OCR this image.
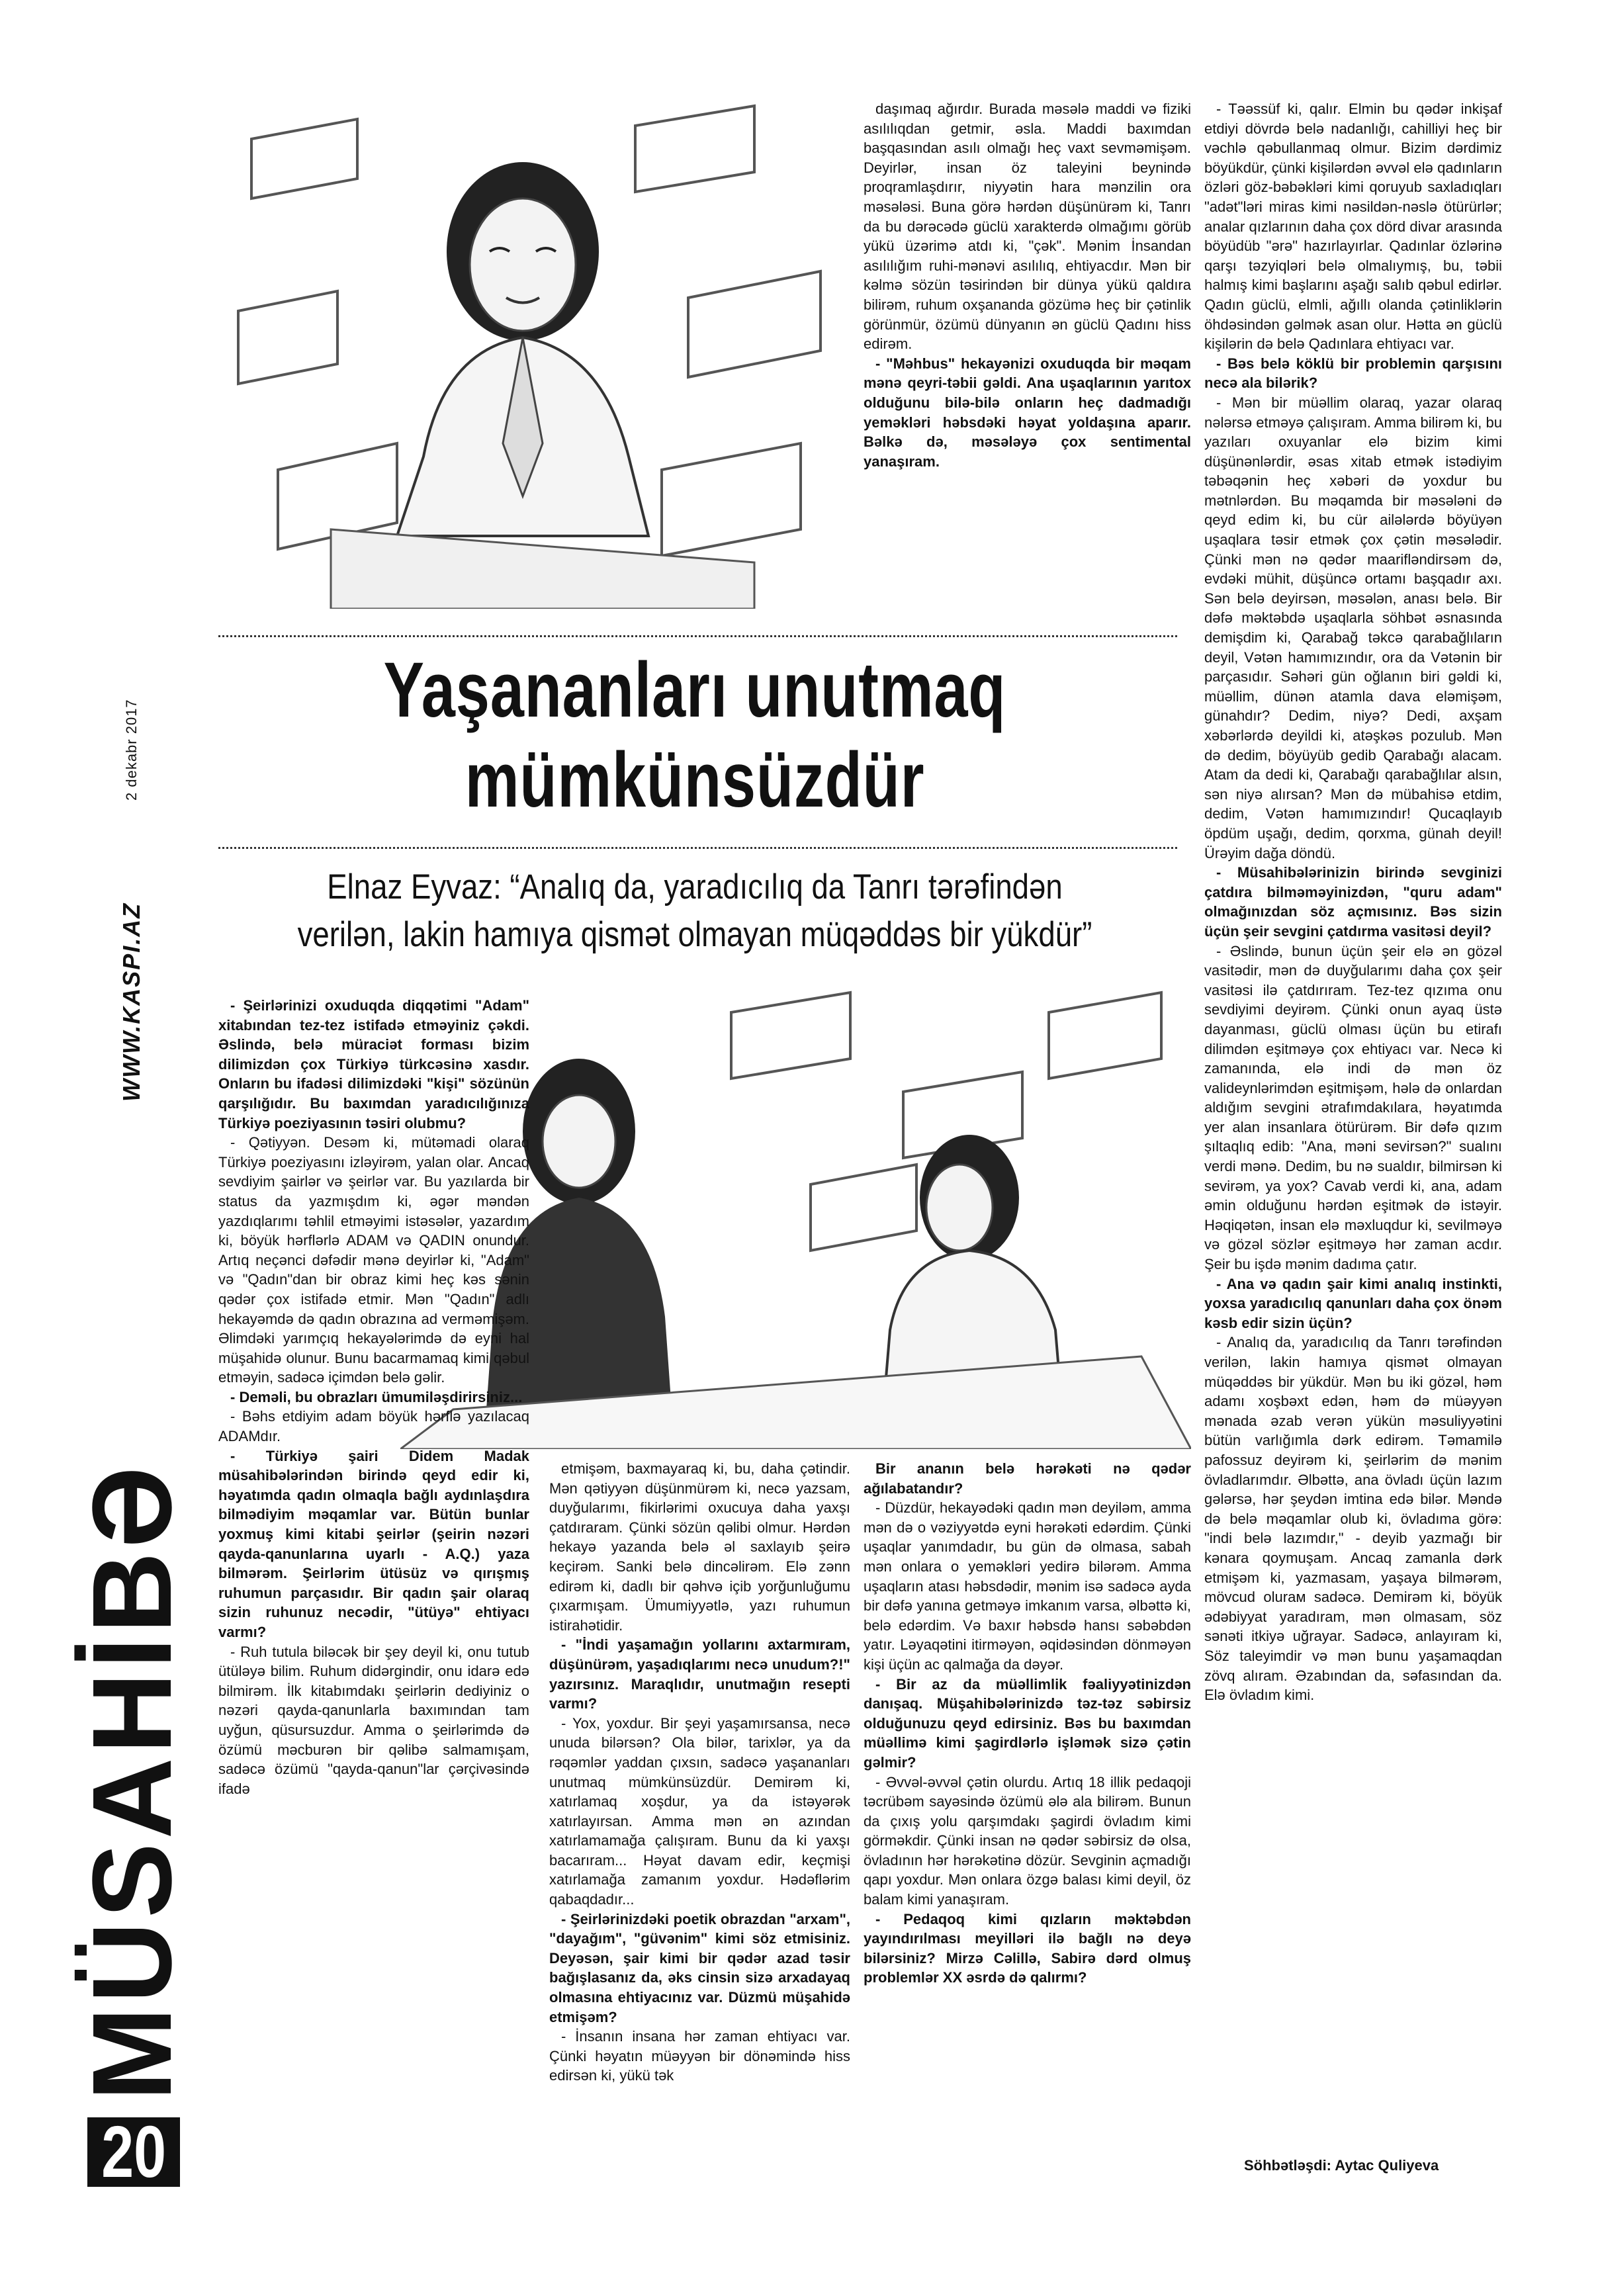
2 dekabr 2017
WWW.KASPI.AZ
MÜSAHİBƏ
20

daşımaq ağırdır. Burada məsələ maddi və fiziki asılılıqdan getmir, əsla. Maddi baxımdan başqasından asılı olmağı heç vaxt sevməmişəm. Deyirlər, insan öz taleyini beynində proqramlaşdırır, niyyətin hara mənzilin ora məsələsi. Buna görə hərdən düşünürəm ki, Tanrı da bu dərəcədə güclü xarakterdə olmağımı görüb yükü üzərimə atdı ki, "çək". Mənim İnsandan asılılığım ruhi-mənəvi asılılıq, ehtiyacdır. Mən bir kəlmə sözün təsirindən bir dünya yükü qaldıra bilirəm, ruhum oxşananda gözümə heç bir çətinlik görünmür, özümü dünyanın ən güclü Qadını hiss edirəm.

- "Məhbus" hekayənizi oxuduqda bir məqam mənə qeyri-təbii gəldi. Ana uşaqlarının yarıtox olduğunu bilə-bilə onların heç dadmadığı yeməkləri həbsdəki həyat yoldaşına aparır. Bəlkə də, məsələyə çox sentimental yanaşıram.

- Təəssüf ki, qalır. Elmin bu qədər inkişaf etdiyi dövrdə belə nadanlığı, cahilliyi heç bir vəchlə qəbullanmaq olmur. Bizim dərdimiz böyükdür, çünki kişilərdən əvvəl elə qadınların özləri göz-bəbəkləri kimi qoruyub saxladıqları "adət"ləri miras kimi nəsildən-nəslə ötürürlər; analar qızlarının daha çox dörd divar arasında böyüdüb "ərə" hazırlayırlar. Qadınlar özlərinə qarşı təzyiqləri belə olmalıymış, bu, təbii halmış kimi başlarını aşağı salıb qəbul edirlər. Qadın güclü, elmli, ağıllı olanda çətinliklərin öhdəsindən gəlmək asan olur. Hətta ən güclü kişilərin də belə Qadınlara ehtiyacı var.

- Bəs belə köklü bir problemin qarşısını necə ala bilərik?

- Mən bir müəllim olaraq, yazar olaraq nələrsə etməyə çalışıram. Amma bilirəm ki, bu yazıları oxuyanlar elə bizim kimi düşünənlərdir, əsas xitab etmək istədiyim təbəqənin heç xəbəri də yoxdur bu mətnlərdən. Bu məqamda bir məsələni də qeyd edim ki, bu cür ailələrdə böyüyən uşaqlara təsir etmək çox çətin məsələdir. Çünki mən nə qədər maarifləndirsəm də, evdəki mühit, düşüncə ortamı başqadır axı. Sən belə deyirsən, məsələn, anası belə. Bir dəfə məktəbdə uşaqlarla söhbət əsnasında demişdim ki, Qarabağ təkcə qarabağlıların deyil, Vətən hamımızındır, ora da Vətənin bir parçasıdır. Səhəri gün oğlanın biri gəldi ki, müəllim, dünən atamla dava eləmişəm, günahdır? Dedim, niyə? Dedi, axşam xəbərlərdə deyildi ki, atəşkəs pozulub. Mən də dedim, böyüyüb gedib Qarabağı alacam. Atam da dedi ki, Qarabağı qarabağlılar alsın, sən niyə alırsan? Mən də mübahisə etdim, dedim, Vətən hamımızındır! Qucaqlayıb öpdüm uşağı, dedim, qorxma, günah deyil! Ürəyim dağa döndü.

- Müsahibələrinizin birində sevginizi çatdıra bilməməyinizdən, "quru adam" olmağınızdan söz açmısınız. Bəs sizin üçün şeir sevgini çatdırma vasitəsi deyil?

- Əslində, bunun üçün şeir elə ən gözəl vasitədir, mən də duyğularımı daha çox şeir vasitəsi ilə çatdırıram. Tez-tez qızıma onu sevdiyimi deyirəm. Çünki onun ayaq üstə dayanması, güclü olması üçün bu etirafı dilimdən eşitməyə çox ehtiyacı var. Necə ki zamanında, elə indi də mən öz valideynlərimdən eşitmişəm, hələ də onlardan aldığım sevgini ətrafımdakılara, həyatımda yer alan insanlara ötürürəm. Bir dəfə qızım şıltaqlıq edib: "Ana, məni sevirsən?" sualını verdi mənə. Dedim, bu nə sualdır, bilmirsən ki sevirəm, ya yox? Cavab verdi ki, ana, adam əmin olduğunu hərdən eşitmək də istəyir. Həqiqətən, insan elə məxluqdur ki, sevilməyə və gözəl sözlər eşitməyə hər zaman acdır. Şeir bu işdə mənim dadıma çatır.

- Ana və qadın şair kimi analıq instinkti, yoxsa yaradıcılıq qanunları daha çox önəm kəsb edir sizin üçün?

- Analıq da, yaradıcılıq da Tanrı tərəfindən verilən, lakin hamıya qismət olmayan müqəddəs bir yükdür. Mən bu iki gözəl, həm adamı xoşbəxt edən, həm də müəyyən mənada əzab verən yükün məsuliyyətini bütün varlığımla dərk edirəm. Təmamilə pafossuz deyirəm ki, şeirlərim də mənim övladlarımdır. Əlbəttə, ana övladı üçün lazım gələrsə, hər şeydən imtina edə bilər. Məndə də belə məqamlar olub ki, övladıma görə: "indi belə lazımdır," - deyib yazmağı bir kənara qoymuşam. Ancaq zamanla dərk etmişəm ki, yazmasam, yaşaya bilmərəm, mövcud olurам sadəcə. Demirəm ki, böyük ədəbiyyat yaradıram, mən olmasam, söz sənəti itkiyə uğrayar. Sadəcə, anlayıram ki, Söz taleyimdir və mən bunu yaşamaqdan zövq alıram. Əzabından da, səfasından da. Elə övladım kimi.

Yaşananları unutmaq mümkünsüzdür

Elnaz Eyvaz: “Analıq da, yaradıcılıq da Tanrı tərəfindən verilən, lakin hamıya qismət olmayan müqəddəs bir yükdür”

- Şeirlərinizi oxuduqda diqqətimi "Adam" xitabından tez-tez istifadə etməyiniz çəkdi. Əslində, belə müraciət forması bizim dilimizdən çox Türkiyə türkcəsinə xasdır. Onların bu ifadəsi dilimizdəki "kişi" sözünün qarşılığıdır. Bu baxımdan yaradıcılığınıza Türkiyə poeziyasının təsiri olubmu?

- Qətiyyən. Desəm ki, mütəmadi olaraq Türkiyə poeziyasını izləyirəm, yalan olar. Ancaq sevdiyim şairlər və şeirlər var. Bu yazılarda bir status da yazmışdım ki, əgər məndən yazdıqlarımı təhlil etməyimi istəsələr, yazardım ki, böyük hərflərlə ADAM və QADIN onundur. Artıq neçənci dəfədir mənə deyirlər ki, "Adam" və "Qadın"dan bir obraz kimi heç kəs sənin qədər çox istifadə etmir. Mən "Qadın" adlı hekayəmdə də qadın obrazına ad verməmişəm. Əlimdəki yarımçıq hekayələrimdə də eyni hal müşahidə olunur. Bunu bacarmamaq kimi qəbul etməyin, sadəcə içimdən belə gəlir.

- Deməli, bu obrazları ümumiləşdirirsiniz...

- Bəhs etdiyim adam böyük hərflə yazılacaq ADAMdır.

- Türkiyə şairi Didem Madak müsahibələrindən birində qeyd edir ki, həyatımda qadın olmaqla bağlı aydınlaşdıra bilmədiyim məqamlar var. Bütün bunlar yoxmuş kimi kitabi şeirlər (şeirin nəzəri qayda-qanunlarına uyarlı - A.Q.) yaza bilmərəm. Şeirlərim ütüsüz və qırışmış ruhumun parçasıdır. Bir qadın şair olaraq sizin ruhunuz necədir, "ütüyə" ehtiyacı varmı?

- Ruh tutula biləcək bir şey deyil ki, onu tutub ütüləyə bilim. Ruhum didərgindir, onu idarə edə bilmirəm. İlk kitabımdakı şeirlərin dediyiniz o nəzəri qayda-qanunlarla baxımından tam uyğun, qüsursuzdur. Amma o şeirlərimdə də özümü məcburən bir qəlibə salmamışam, sadəcə özümü "qayda-qanun"lar çərçivəsində ifadə

etmişəm, baxmayaraq ki, bu, daha çətindir. Mən qətiyyən düşünmürəm ki, necə yazsam, duyğularımı, fikirlərimi oxucuya daha yaxşı çatdıraram. Çünki sözün qəlibi olmur. Hərdən hekayə yazanda belə əl saxlayıb şeirə keçirəm. Sanki belə dincəlirəm. Elə zənn edirəm ki, dadlı bir qəhvə içib yorğunluğumu çıxarmışam. Ümumiyyətlə, yazı ruhumun istirahətidir.

- "İndi yaşamağın yollarını axtarmıram, düşünürəm, yaşadıqlarımı necə unudum?!" yazırsınız. Maraqlıdır, unutmağın resepti varmı?

- Yox, yoxdur. Bir şeyi yaşamırsansa, necə unuda bilərsən? Ola bilər, tarixlər, ya da rəqəmlər yaddan çıxsın, sadəcə yaşananları unutmaq mümkünsüzdür. Demirəm ki, xatırlamaq xoşdur, ya da istəyərək xatırlayırsan. Amma mən ən azından xatırlamamağa çalışıram. Bunu da ki yaxşı bacarıram... Həyat davam edir, keçmişi xatırlamağa zamanım yoxdur. Hədəflərim qabaqdadır...

- Şeirlərinizdəki poetik obrazdan "arxam", "dayağım", "güvənim" kimi söz etmisiniz. Deyəsən, şair kimi bir qədər azad təsir bağışlasanız da, əks cinsin sizə arxadayaq olmasına ehtiyacınız var. Düzmü müşahidə etmişəm?

- İnsanın insana hər zaman ehtiyacı var. Çünki həyatın müəyyən bir dönəmində hiss edirsən ki, yükü tək

Bir ananın belə hərəkəti nə qədər ağılabatandır?

- Düzdür, hekayədəki qadın mən deyiləm, amma mən də o vəziyyətdə eyni hərəkəti edərdim. Çünki uşaqlar yanımdadır, bu gün də olmasa, sabah mən onlara o yeməkləri yedirə bilərəm. Amma uşaqların atası həbsdədir, mənim isə sadəcə ayda bir dəfə yanına getməyə imkanım varsa, əlbəttə ki, belə edərdim. Və baxır həbsdə hansı səbəbdən yatır. Ləyaqətini itirməyən, əqidəsindən dönməyən kişi üçün ac qalmağa da dəyər.

- Bir az da müəllimlik fəaliyyətinizdən danışaq. Müşahibələrinizdə təz-təz səbirsiz olduğunuzu qeyd edirsiniz. Bəs bu baxımdan müəllimə kimi şagirdlərlə işləmək sizə çətin gəlmir?

- Əvvəl-əvvəl çətin olurdu. Artıq 18 illik pedaqoji təcrübəm sayəsində özümü ələ ala bilirəm. Bunun da çıxış yolu qarşımdakı şagirdi övladım kimi görməkdir. Çünki insan nə qədər səbirsiz də olsa, övladının hər hərəkətinə dözür. Sevginin açmadığı qapı yoxdur. Mən onlara özgə balası kimi deyil, öz balam kimi yanaşıram.

- Pedaqoq kimi qızların məktəbdən yayındırılması meyilləri ilə bağlı nə deyə bilərsiniz? Mirzə Cəlillə, Sabirə dərd olmuş problemlər XX əsrdə də qalırmı?

Söhbətləşdi: Aytac Quliyeva
